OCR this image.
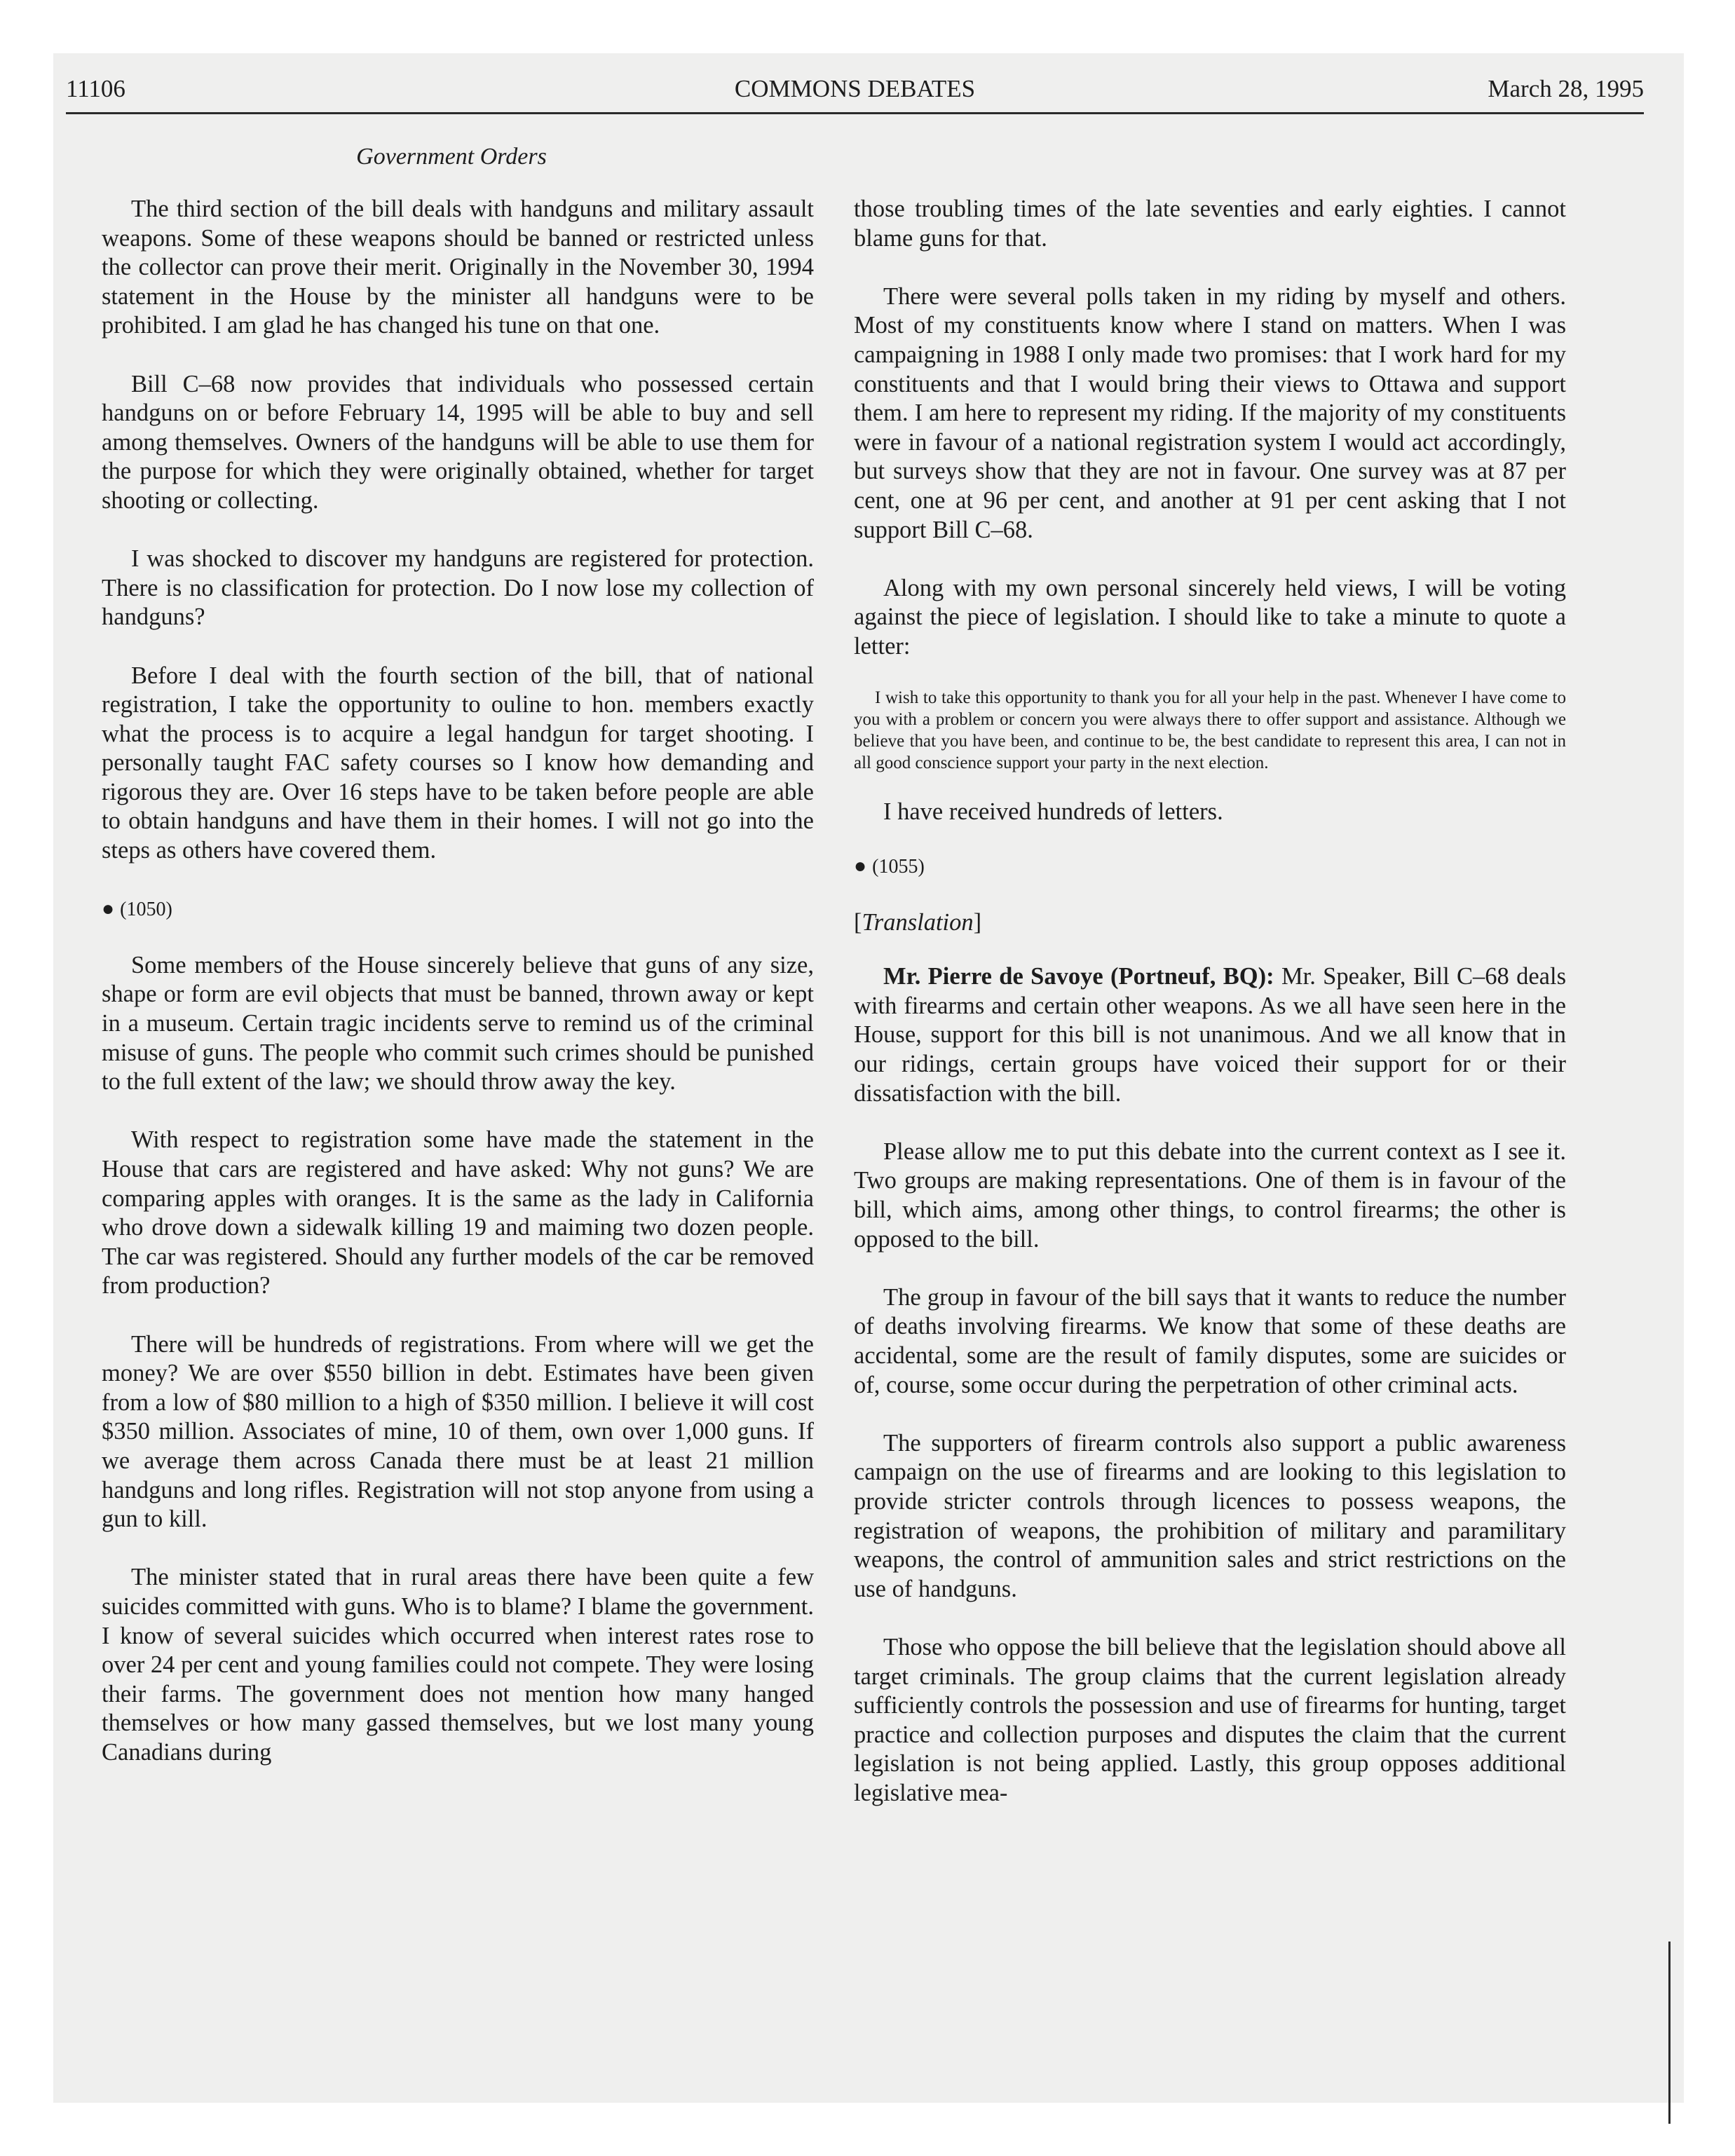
11106	COMMONS DEBATES	March 28, 1995
Government Orders

The third section of the bill deals with handguns and military assault weapons. Some of these weapons should be banned or restricted unless the collector can prove their merit. Originally in the November 30, 1994 statement in the House by the minister all handguns were to be prohibited. I am glad he has changed his tune on that one.

Bill C–68 now provides that individuals who possessed certain handguns on or before February 14, 1995 will be able to buy and sell among themselves. Owners of the handguns will be able to use them for the purpose for which they were originally obtained, whether for target shooting or collecting.

I was shocked to discover my handguns are registered for protection. There is no classification for protection. Do I now lose my collection of handguns?

Before I deal with the fourth section of the bill, that of national registration, I take the opportunity to ouline to hon. members exactly what the process is to acquire a legal handgun for target shooting. I personally taught FAC safety courses so I know how demanding and rigorous they are. Over 16 steps have to be taken before people are able to obtain handguns and have them in their homes. I will not go into the steps as others have covered them.

● (1050)

Some members of the House sincerely believe that guns of any size, shape or form are evil objects that must be banned, thrown away or kept in a museum. Certain tragic incidents serve to remind us of the criminal misuse of guns. The people who commit such crimes should be punished to the full extent of the law; we should throw away the key.

With respect to registration some have made the statement in the House that cars are registered and have asked: Why not guns? We are comparing apples with oranges. It is the same as the lady in California who drove down a sidewalk killing 19 and maiming two dozen people. The car was registered. Should any further models of the car be removed from production?

There will be hundreds of registrations. From where will we get the money? We are over $550 billion in debt. Estimates have been given from a low of $80 million to a high of $350 million. I believe it will cost $350 million. Associates of mine, 10 of them, own over 1,000 guns. If we average them across Canada there must be at least 21 million handguns and long rifles. Registration will not stop anyone from using a gun to kill.

The minister stated that in rural areas there have been quite a few suicides committed with guns. Who is to blame? I blame the government. I know of several suicides which occurred when interest rates rose to over 24 per cent and young families could not compete. They were losing their farms. The government does not mention how many hanged themselves or how many gassed themselves, but we lost many young Canadians during

those troubling times of the late seventies and early eighties. I cannot blame guns for that.

There were several polls taken in my riding by myself and others. Most of my constituents know where I stand on matters. When I was campaigning in 1988 I only made two promises: that I work hard for my constituents and that I would bring their views to Ottawa and support them. I am here to represent my riding. If the majority of my constituents were in favour of a national registration system I would act accordingly, but surveys show that they are not in favour. One survey was at 87 per cent, one at 96 per cent, and another at 91 per cent asking that I not support Bill C–68.

Along with my own personal sincerely held views, I will be voting against the piece of legislation. I should like to take a minute to quote a letter:

I wish to take this opportunity to thank you for all your help in the past. Whenever I have come to you with a problem or concern you were always there to offer support and assistance. Although we believe that you have been, and continue to be, the best candidate to represent this area, I can not in all good conscience support your party in the next election.

I have received hundreds of letters.

● (1055)

[Translation]

Mr. Pierre de Savoye (Portneuf, BQ): Mr. Speaker, Bill C–68 deals with firearms and certain other weapons. As we all have seen here in the House, support for this bill is not unanimous. And we all know that in our ridings, certain groups have voiced their support for or their dissatisfaction with the bill.

Please allow me to put this debate into the current context as I see it. Two groups are making representations. One of them is in favour of the bill, which aims, among other things, to control firearms; the other is opposed to the bill.

The group in favour of the bill says that it wants to reduce the number of deaths involving firearms. We know that some of these deaths are accidental, some are the result of family disputes, some are suicides or of, course, some occur during the perpetration of other criminal acts.

The supporters of firearm controls also support a public awareness campaign on the use of firearms and are looking to this legislation to provide stricter controls through licences to possess weapons, the registration of weapons, the prohibition of military and paramilitary weapons, the control of ammunition sales and strict restrictions on the use of handguns.

Those who oppose the bill believe that the legislation should above all target criminals. The group claims that the current legislation already sufficiently controls the possession and use of firearms for hunting, target practice and collection purposes and disputes the claim that the current legislation is not being applied. Lastly, this group opposes additional legislative mea-
